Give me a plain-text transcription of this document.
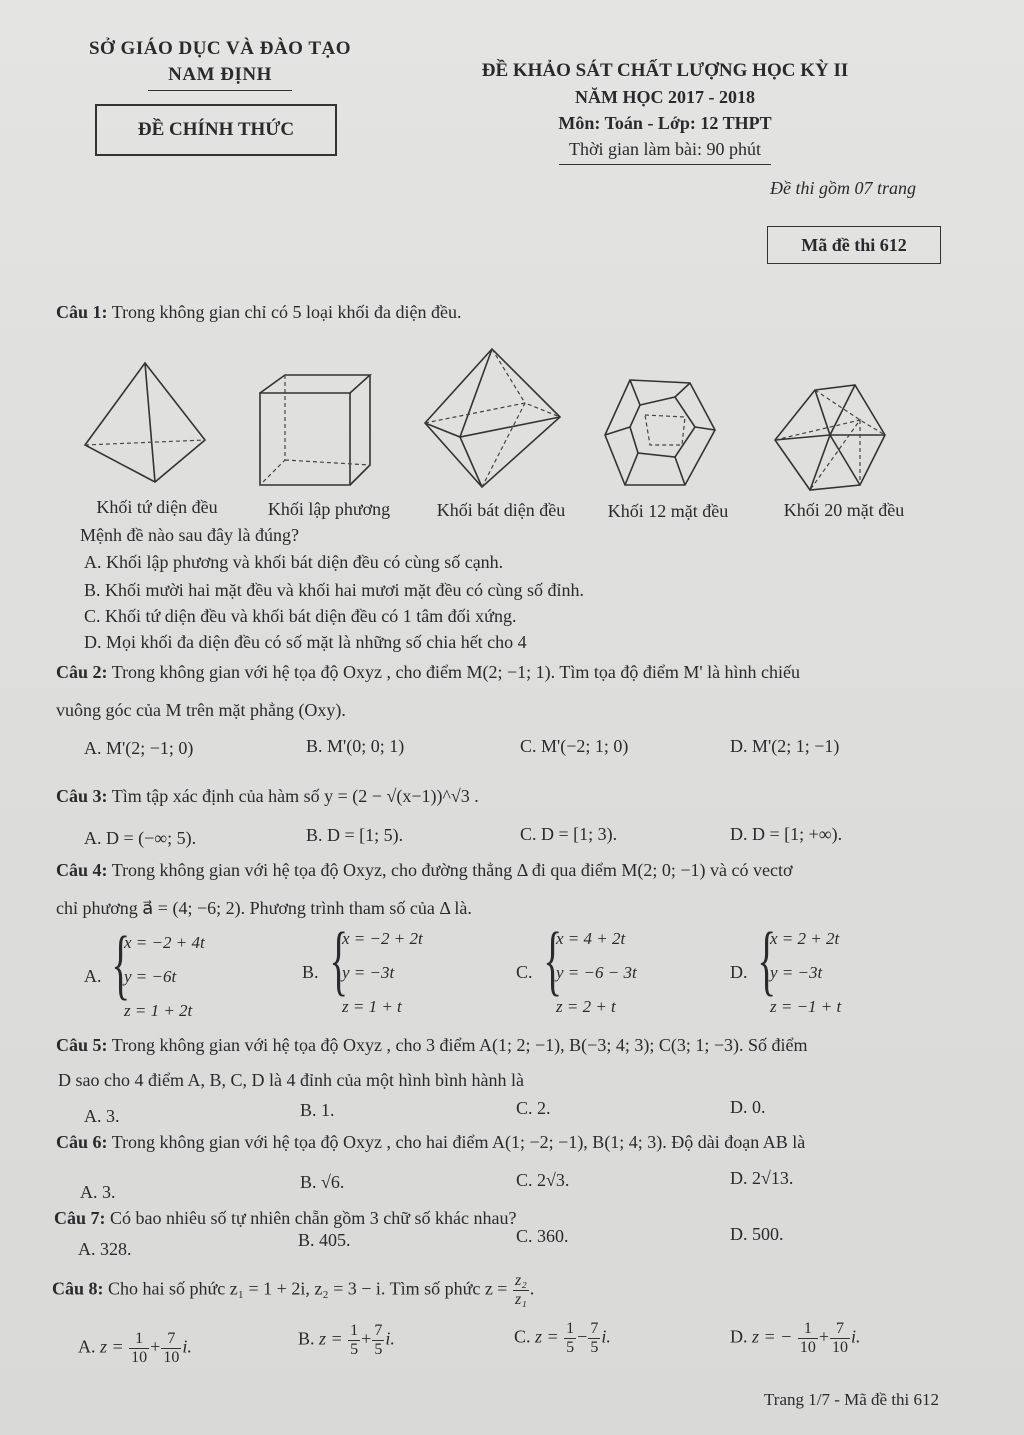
SỞ GIÁO DỤC VÀ ĐÀO TẠO
NAM ĐỊNH
ĐỀ CHÍNH THỨC
ĐỀ KHẢO SÁT CHẤT LƯỢNG HỌC KỲ II
NĂM HỌC 2017 - 2018
Môn: Toán - Lớp: 12 THPT
Thời gian làm bài: 90 phút
Đề thi gồm 07 trang
Mã đề thi 612
Câu 1: Trong không gian chỉ có 5 loại khối đa diện đều.
Khối tứ diện đều	Khối lập phương	Khối bát diện đều	Khối 12 mặt đều	Khối 20 mặt đều
Mệnh đề nào sau đây là đúng?
A. Khối lập phương và khối bát diện đều có cùng số cạnh.
B. Khối mười hai mặt đều và khối hai mươi mặt đều có cùng số đỉnh.
C. Khối tứ diện đều và khối bát diện đều có 1 tâm đối xứng.
D. Mọi khối đa diện đều có số mặt là những số chia hết cho 4
Câu 2: Trong không gian với hệ tọa độ Oxyz , cho điểm M(2; −1; 1). Tìm tọa độ điểm M' là hình chiếu
vuông góc của M trên mặt phẳng (Oxy).
A. M'(2; −1; 0)	B. M'(0; 0; 1)	C. M'(−2; 1; 0)	D. M'(2; 1; −1)
Câu 3: Tìm tập xác định của hàm số y = (2 − √(x−1))^√3 .
A. D = (−∞; 5).	B. D = [1; 5).	C. D = [1; 3).	D. D = [1; +∞).
Câu 4: Trong không gian với hệ tọa độ Oxyz, cho đường thẳng Δ đi qua điểm M(2; 0; −1) và có vectơ
chỉ phương a⃗ = (4; −6; 2). Phương trình tham số của Δ là.
A. {
x = −2 + 4t
y = −6t
z = 1 + 2t
B. {
x = −2 + 2t
y = −3t
z = 1 + t
C. {
x = 4 + 2t
y = −6 − 3t
z = 2 + t
D. {
x = 2 + 2t
y = −3t
z = −1 + t
Câu 5: Trong không gian với hệ tọa độ Oxyz , cho 3 điểm A(1; 2; −1), B(−3; 4; 3); C(3; 1; −3). Số điểm
D sao cho 4 điểm A, B, C, D là 4 đỉnh của một hình bình hành là
A. 3.	B. 1.	C. 2.	D. 0.
Câu 6: Trong không gian với hệ tọa độ Oxyz , cho hai điểm A(1; −2; −1), B(1; 4; 3). Độ dài đoạn AB là
A. 3.	B. √6.	C. 2√3.	D. 2√13.
Câu 7: Có bao nhiêu số tự nhiên chẵn gồm 3 chữ số khác nhau?
A. 328.	B. 405.	C. 360.	D. 500.
Câu 8: Cho hai số phức z₁ = 1 + 2i, z₂ = 3 − i. Tìm số phức $z = \frac{\text{z₂}}{\text{z₁}}$ .
A. $z = \frac{1}{10} + \frac{7}{10} i$.	B. $z = \frac{1}{5} + \frac{7}{5} i$.	C. $z = \frac{1}{5} - \frac{7}{5} i$.	D. z = − $\frac{1}{10} + \frac{7}{10} i$.
Trang 1/7 - Mã đề thi 612
